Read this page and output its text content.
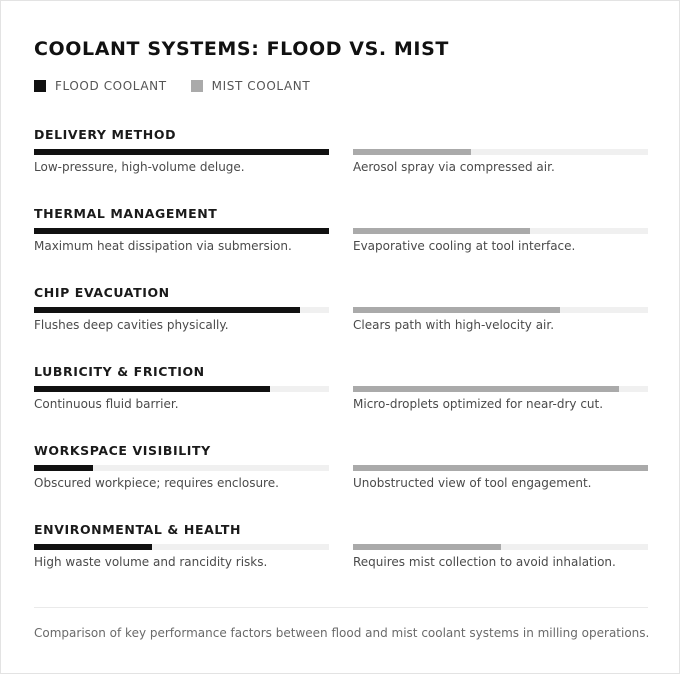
COOLANT SYSTEMS: FLOOD VS. MIST
FLOOD COOLANT	MIST COOLANT
DELIVERY METHOD
Low-pressure, high-volume deluge.	Aerosol spray via compressed air.
THERMAL MANAGEMENT
Maximum heat dissipation via submersion.	Evaporative cooling at tool interface.
CHIP EVACUATION
Flushes deep cavities physically.	Clears path with high-velocity air.
LUBRICITY & FRICTION
Continuous fluid barrier.	Micro-droplets optimized for near-dry cut.
WORKSPACE VISIBILITY
Obscured workpiece; requires enclosure.	Unobstructed view of tool engagement.
ENVIRONMENTAL & HEALTH
High waste volume and rancidity risks.	Requires mist collection to avoid inhalation.
Comparison of key performance factors between flood and mist coolant systems in milling operations.
